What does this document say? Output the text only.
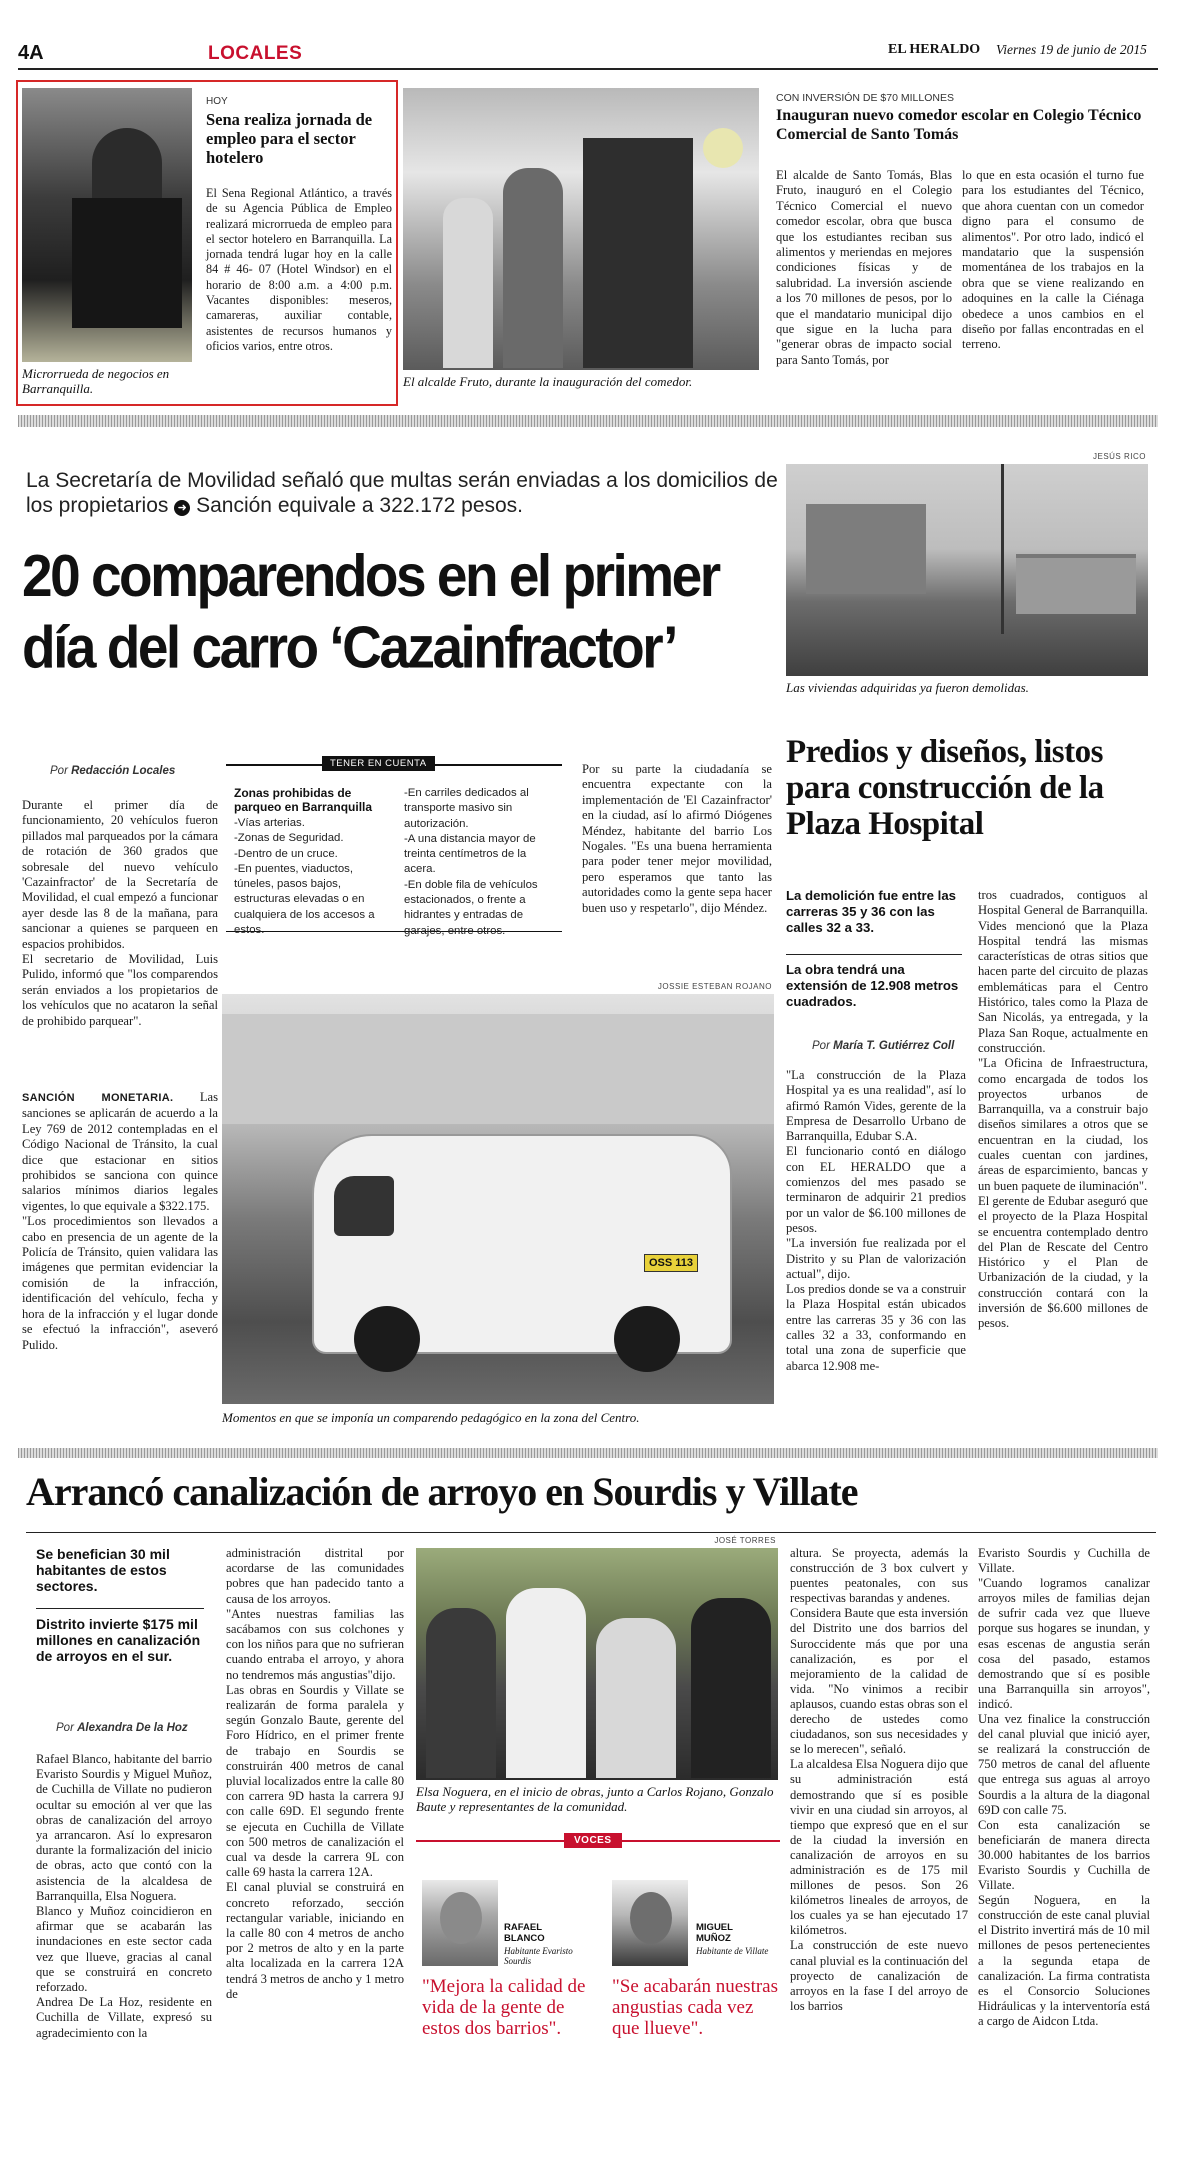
4A	LOCALES	EL HERALDO Viernes 19 de junio de 2015
Microrrueda de negocios en Barranquilla.
HOY
Sena realiza jornada de empleo para el sector hotelero
El Sena Regional Atlántico, a través de su Agencia Pública de Empleo realizará microrrueda de empleo para el sector hotelero en Barranquilla. La jornada tendrá lugar hoy en la calle 84 # 46- 07 (Hotel Windsor) en el horario de 8:00 a.m. a 4:00 p.m. Vacantes disponibles: meseros, camareras, auxiliar contable, asistentes de recursos humanos y oficios varios, entre otros.
El alcalde Fruto, durante la inauguración del comedor.
CON INVERSIÓN DE $70 MILLONES
Inauguran nuevo comedor escolar en Colegio Técnico Comercial de Santo Tomás
El alcalde de Santo Tomás, Blas Fruto, inauguró en el Colegio Técnico Comercial el nuevo comedor escolar, obra que busca que los estudiantes reciban sus alimentos y meriendas en mejores condiciones físicas y de salubridad. La inversión asciende a los 70 millones de pesos, por lo que el mandatario municipal dijo que sigue en la lucha para "generar obras de impacto social para Santo Tomás, por
lo que en esta ocasión el turno fue para los estudiantes del Técnico, que ahora cuentan con un comedor digno para el consumo de alimentos". Por otro lado, indicó el mandatario que la suspensión momentánea de los trabajos en la obra que se viene realizando en adoquines en la calle la Ciénaga obedece a unos cambios en el diseño por fallas encontradas en el terreno.
La Secretaría de Movilidad señaló que multas serán enviadas a los domicilios de los propietarios ➜ Sanción equivale a 322.172 pesos.
20 comparendos en el primer día del carro ‘Cazainfractor’
Por Redacción Locales

Durante el primer día de funcionamiento, 20 vehículos fueron pillados mal parqueados por la cámara de rotación de 360 grados que sobresale del nuevo vehículo 'Cazainfractor' de la Secretaría de Movilidad, el cual empezó a funcionar ayer desde las 8 de la mañana, para sancionar a quienes se parqueen en espacios prohibidos.

El secretario de Movilidad, Luis Pulido, informó que "los comparendos serán enviados a los propietarios de los vehículos que no acataron la señal de prohibido parquear".

TENER EN CUENTA
Zonas prohibidas de parqueo en Barranquilla
-Vías arterias.
-Zonas de Seguridad.
-Dentro de un cruce.
-En puentes, viaductos, túneles, pasos bajos, estructuras elevadas o en cualquiera de los accesos a estos.
-En carriles dedicados al transporte masivo sin autorización.
-A una distancia mayor de treinta centímetros de la acera.
-En doble fila de vehículos estacionados, o frente a hidrantes y entradas de garajes, entre otros.
Por su parte la ciudadanía se encuentra expectante con la implementación de 'El Cazainfractor' en la ciudad, así lo afirmó Diógenes Méndez, habitante del barrio Los Nogales. "Es una buena herramienta para poder tener mejor movilidad, pero esperamos que tanto las autoridades como la gente sepa hacer buen uso y respetarlo", dijo Méndez.
JESÚS RICO
Las viviendas adquiridas ya fueron demolidas.
JOSSIE ESTEBAN ROJANO
OSS 113
Momentos en que se imponía un comparendo pedagógico en la zona del Centro.

SANCIÓN MONETARIA. Las sanciones se aplicarán de acuerdo a la Ley 769 de 2012 contempladas en el Código Nacional de Tránsito, la cual dice que estacionar en sitios prohibidos se sanciona con quince salarios mínimos diarios legales vigentes, lo que equivale a $322.175.

"Los procedimientos son llevados a cabo en presencia de un agente de la Policía de Tránsito, quien validara las imágenes que permitan evidenciar la comisión de la infracción, identificación del vehículo, fecha y hora de la infracción y el lugar donde se efectuó la infracción", aseveró Pulido.

Predios y diseños, listos para construcción de la Plaza Hospital
La demolición fue entre las carreras 35 y 36 con las calles 32 a 33.
La obra tendrá una extensión de 12.908 metros cuadrados.
Por María T. Gutiérrez Coll

"La construcción de la Plaza Hospital ya es una realidad", así lo afirmó Ramón Vides, gerente de la Empresa de Desarrollo Urbano de Barranquilla, Edubar S.A.

El funcionario contó en diálogo con EL HERALDO que a comienzos del mes pasado se terminaron de adquirir 21 predios por un valor de $6.100 millones de pesos.

"La inversión fue realizada por el Distrito y su Plan de valorización actual", dijo.

Los predios donde se va a construir la Plaza Hospital están ubicados entre las carreras 35 y 36 con las calles 32 a 33, conformando en total una zona de superficie que abarca 12.908 me-

tros cuadrados, contiguos al Hospital General de Barranquilla.

Vides mencionó que la Plaza Hospital tendrá las mismas características de otras sitios que hacen parte del circuito de plazas emblemáticas para el Centro Histórico, tales como la Plaza de San Nicolás, ya entregada, y la Plaza San Roque, actualmente en construcción.

"La Oficina de Infraestructura, como encargada de todos los proyectos urbanos de Barranquilla, va a construir bajo diseños similares a otros que se encuentran en la ciudad, los cuales cuentan con jardines, áreas de esparcimiento, bancas y un buen paquete de iluminación".

El gerente de Edubar aseguró que el proyecto de la Plaza Hospital se encuentra contemplado dentro del Plan de Rescate del Centro Histórico y el Plan de Urbanización de la ciudad, y la construcción contará con la inversión de $6.600 millones de pesos.

Arrancó canalización de arroyo en Sourdis y Villate
Se benefician 30 mil habitantes de estos sectores.
Distrito invierte $175 mil millones en canalización de arroyos en el sur.
Por Alexandra De la Hoz

Rafael Blanco, habitante del barrio Evaristo Sourdis y Miguel Muñoz, de Cuchilla de Villate no pudieron ocultar su emoción al ver que las obras de canalización del arroyo ya arrancaron. Así lo expresaron durante la formalización del inicio de obras, acto que contó con la asistencia de la alcaldesa de Barranquilla, Elsa Noguera.

Blanco y Muñoz coincidieron en afirmar que se acabarán las inundaciones en este sector cada vez que llueve, gracias al canal que se construirá en concreto reforzado.

Andrea De La Hoz, residente en Cuchilla de Villate, expresó su agradecimiento con la

administración distrital por acordarse de las comunidades pobres que han padecido tanto a causa de los arroyos.

"Antes nuestras familias las sacábamos con sus colchones y con los niños para que no sufrieran cuando entraba el arroyo, y ahora no tendremos más angustias"dijo.

Las obras en Sourdis y Villate se realizarán de forma paralela y según Gonzalo Baute, gerente del Foro Hídrico, en el primer frente de trabajo en Sourdis se construirán 400 metros de canal pluvial localizados entre la calle 80 con carrera 9D hasta la carrera 9J con calle 69D. El segundo frente se ejecuta en Cuchilla de Villate con 500 metros de canalización el cual va desde la carrera 9L con calle 69 hasta la carrera 12A.

El canal pluvial se construirá en concreto reforzado, sección rectangular variable, iniciando en la calle 80 con 4 metros de ancho por 2 metros de alto y en la parte alta localizada en la carrera 12A tendrá 3 metros de ancho y 1 metro de

JOSÉ TORRES
Elsa Noguera, en el inicio de obras, junto a Carlos Rojano, Gonzalo Baute y representantes de la comunidad.
VOCES
RAFAEL BLANCO
Habitante Evaristo Sourdis
MIGUEL MUÑOZ
Habitante de Villate
"Mejora la calidad de vida de la gente de estos dos barrios".
"Se acabarán nuestras angustias cada vez que llueve".

altura. Se proyecta, además la construcción de 3 box culvert y puentes peatonales, con sus respectivas barandas y andenes.

Considera Baute que esta inversión del Distrito une dos barrios del Suroccidente más que por una canalización, es por el mejoramiento de la calidad de vida. "No vinimos a recibir aplausos, cuando estas obras son el derecho de ustedes como ciudadanos, son sus necesidades y se lo merecen", señaló.

La alcaldesa Elsa Noguera dijo que su administración está demostrando que sí es posible vivir en una ciudad sin arroyos, al tiempo que expresó que en el sur de la ciudad la inversión en canalización de arroyos en su administración es de 175 mil millones de pesos. Son 26 kilómetros lineales de arroyos, de los cuales ya se han ejecutado 17 kilómetros.

La construcción de este nuevo canal pluvial es la continuación del proyecto de canalización de arroyos en la fase I del arroyo de los barrios

Evaristo Sourdis y Cuchilla de Villate.

"Cuando logramos canalizar arroyos miles de familias dejan de sufrir cada vez que llueve porque sus hogares se inundan, y esas escenas de angustia serán cosa del pasado, estamos demostrando que sí es posible una Barranquilla sin arroyos", indicó.

Una vez finalice la construcción del canal pluvial que inició ayer, se realizará la construcción de 750 metros de canal del afluente que entrega sus aguas al arroyo Sourdis a la altura de la diagonal 69D con calle 75.

Con esta canalización se beneficiarán de manera directa 30.000 habitantes de los barrios Evaristo Sourdis y Cuchilla de Villate.

Según Noguera, en la construcción de este canal pluvial el Distrito invertirá más de 10 mil millones de pesos pertenecientes a la segunda etapa de canalización. La firma contratista es el Consorcio Soluciones Hidráulicas y la interventoría está a cargo de Aidcon Ltda.
